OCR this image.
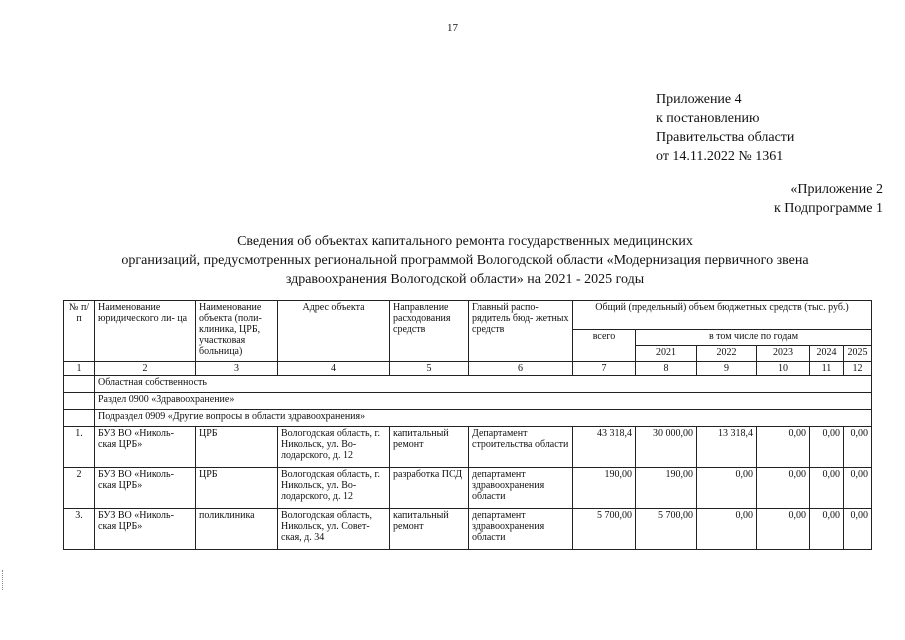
17
Приложение 4
к постановлению
Правительства области
от 14.11.2022 № 1361
«Приложение 2
к Подпрограмме 1
Сведения об объектах капитального ремонта государственных медицинских
организаций, предусмотренных региональной программой Вологодской области «Модернизация первичного звена
здравоохранения Вологодской области» на 2021 - 2025 годы
№ п/п	Наименование юридического ли- ца	Наименование объекта (поли- клиника, ЦРБ, участковая больница)	Адрес объекта	Направление расходования средств	Главный распо- рядитель бюд- жетных средств	Общий (предельный) объем бюджетных средств (тыс. руб.)					
						всего	в том числе по годам				
							2021	2022	2023	2024	2025
1	2	3	4	5	6	7	8	9	10	11	12
	Областная собственность										
	Раздел 0900 «Здравоохранение»										
	Подраздел 0909 «Другие вопросы в области здравоохранения»										
1.	БУЗ ВО «Николь- ская ЦРБ»	ЦРБ	Вологодская область, г. Никольск, ул. Во- лодарского, д. 12	капитальный ремонт	Департамент строительства области	43 318,4	30 000,00	13 318,4	0,00	0,00	0,00
2	БУЗ ВО «Николь- ская ЦРБ»	ЦРБ	Вологодская область, г. Никольск, ул. Во- лодарского, д. 12	разработка ПСД	департамент здравоохранения области	190,00	190,00	0,00	0,00	0,00	0,00
3.	БУЗ ВО «Николь- ская ЦРБ»	поликлиника	Вологодская область, Никольск, ул. Совет- ская, д. 34	капитальный ремонт	департамент здравоохранения области	5 700,00	5 700,00	0,00	0,00	0,00	0,00
